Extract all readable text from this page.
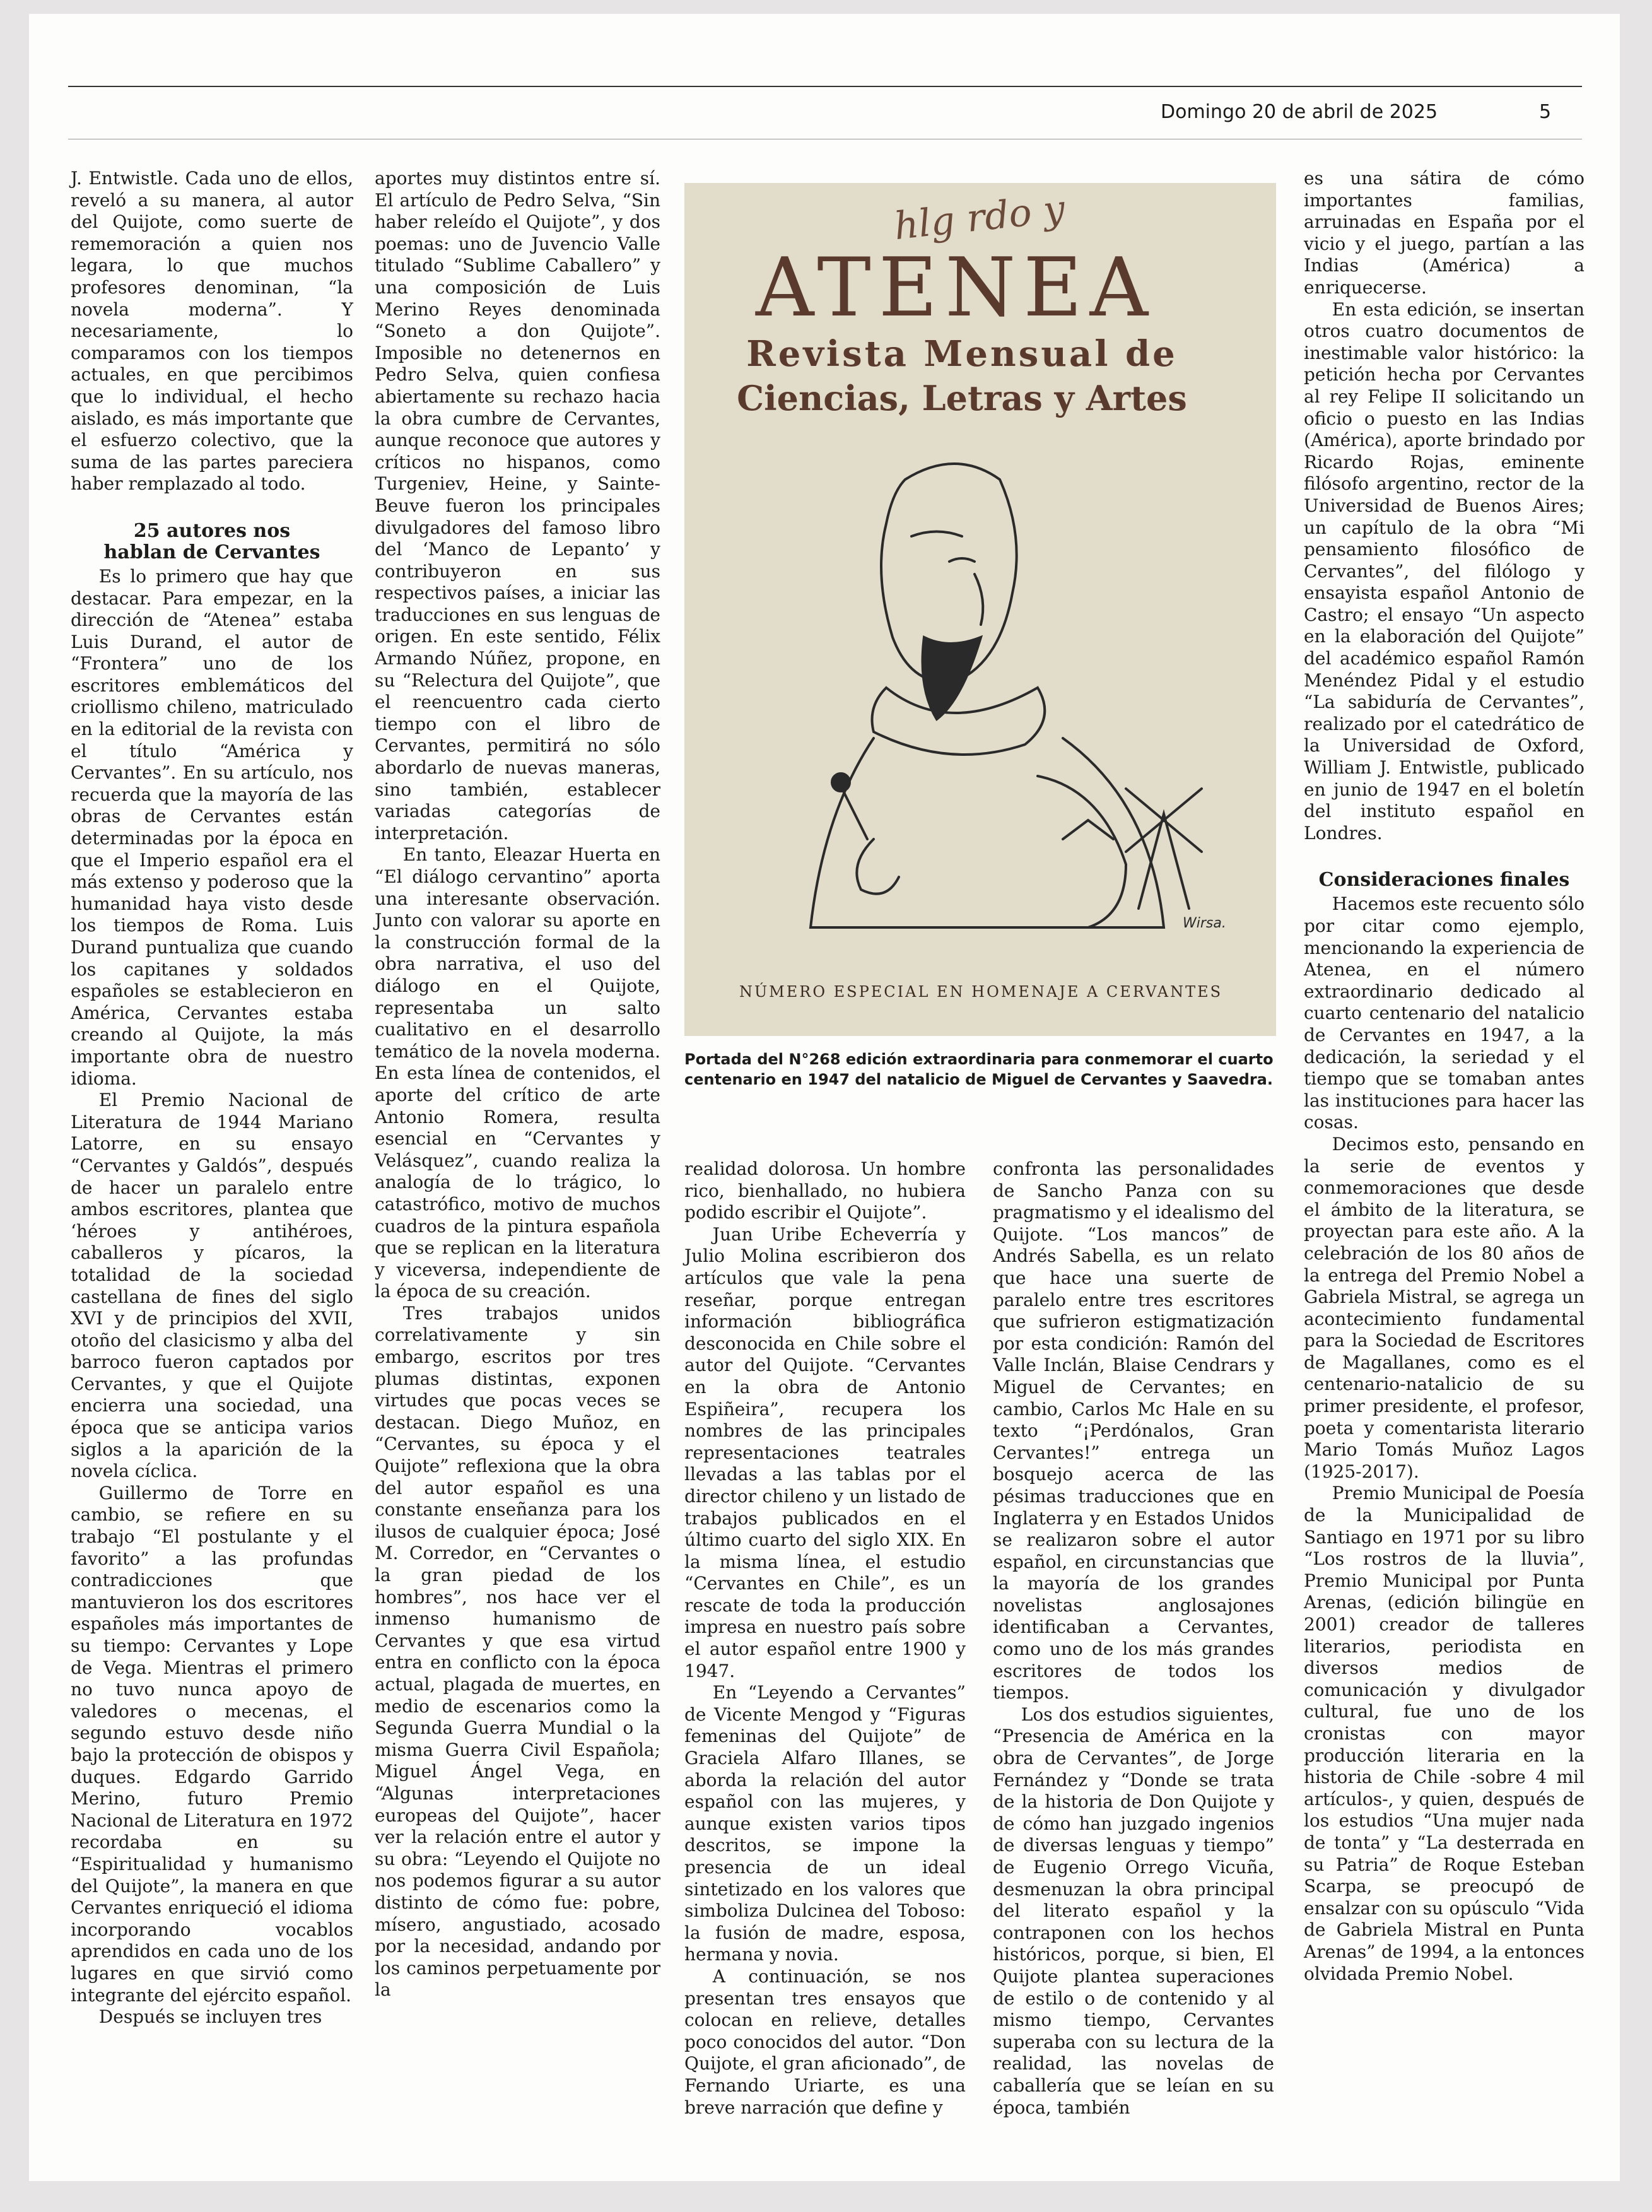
Domingo 20 de abril de 2025	5

J. Entwistle. Cada uno de ellos, reveló a su manera, al autor del Quijote, como suerte de rememoración a quien nos legara, lo que muchos profesores denominan, “la novela moderna”. Y necesariamente, lo comparamos con los tiempos actuales, en que percibimos que lo individual, el hecho aislado, es más importante que el esfuerzo colectivo, que la suma de las partes pareciera haber remplazado al todo.

25 autores nos
hablan de Cervantes

Es lo primero que hay que destacar. Para empezar, en la dirección de “Atenea” estaba Luis Durand, el autor de “Frontera” uno de los escritores emblemáticos del criollismo chileno, matriculado en la editorial de la revista con el título “América y Cervantes”. En su artículo, nos recuerda que la mayoría de las obras de Cervantes están determinadas por la época en que el Imperio español era el más extenso y poderoso que la humanidad haya visto desde los tiempos de Roma. Luis Durand puntualiza que cuando los capitanes y soldados españoles se establecieron en América, Cervantes estaba creando al Quijote, la más importante obra de nuestro idioma.

El Premio Nacional de Literatura de 1944 Mariano Latorre, en su ensayo “Cervantes y Galdós”, después de hacer un paralelo entre ambos escritores, plantea que ‘héroes y antihéroes, caballeros y pícaros, la totalidad de la sociedad castellana de fines del siglo XVI y de principios del XVII, otoño del clasicismo y alba del barroco fueron captados por Cervantes, y que el Quijote encierra una sociedad, una época que se anticipa varios siglos a la aparición de la novela cíclica.

Guillermo de Torre en cambio, se refiere en su trabajo “El postulante y el favorito” a las profundas contradicciones que mantuvieron los dos escritores españoles más importantes de su tiempo: Cervantes y Lope de Vega. Mientras el primero no tuvo nunca apoyo de valedores o mecenas, el segundo estuvo desde niño bajo la protección de obispos y duques. Edgardo Garrido Merino, futuro Premio Nacional de Literatura en 1972 recordaba en su “Espiritualidad y humanismo del Quijote”, la manera en que Cervantes enriqueció el idioma incorporando vocablos aprendidos en cada uno de los lugares en que sirvió como integrante del ejército español.

Después se incluyen tres

aportes muy distintos entre sí. El artículo de Pedro Selva, “Sin haber releído el Quijote”, y dos poemas: uno de Juvencio Valle titulado “Sublime Caballero” y una composición de Luis Merino Reyes denominada “Soneto a don Quijote”. Imposible no detenernos en Pedro Selva, quien confiesa abiertamente su rechazo hacia la obra cumbre de Cervantes, aunque reconoce que autores y críticos no hispanos, como Turgeniev, Heine, y Sainte-Beuve fueron los principales divulgadores del famoso libro del ‘Manco de Lepanto’ y contribuyeron en sus respectivos países, a iniciar las traducciones en sus lenguas de origen. En este sentido, Félix Armando Núñez, propone, en su “Relectura del Quijote”, que el reencuentro cada cierto tiempo con el libro de Cervantes, permitirá no sólo abordarlo de nuevas maneras, sino también, establecer variadas categorías de interpretación.

En tanto, Eleazar Huerta en “El diálogo cervantino” aporta una interesante observación. Junto con valorar su aporte en la construcción formal de la obra narrativa, el uso del diálogo en el Quijote, representaba un salto cualitativo en el desarrollo temático de la novela moderna. En esta línea de contenidos, el aporte del crítico de arte Antonio Romera, resulta esencial en “Cervantes y Velásquez”, cuando realiza la analogía de lo trágico, lo catastrófico, motivo de muchos cuadros de la pintura española que se replican en la literatura y viceversa, independiente de la época de su creación.

Tres trabajos unidos correlativamente y sin embargo, escritos por tres plumas distintas, exponen virtudes que pocas veces se destacan. Diego Muñoz, en “Cervantes, su época y el Quijote” reflexiona que la obra del autor español es una constante enseñanza para los ilusos de cualquier época; José M. Corredor, en “Cervantes o la gran piedad de los hombres”, nos hace ver el inmenso humanismo de Cervantes y que esa virtud entra en conflicto con la época actual, plagada de muertes, en medio de escenarios como la Segunda Guerra Mundial o la misma Guerra Civil Española; Miguel Ángel Vega, en “Algunas interpretaciones europeas del Quijote”, hacer ver la relación entre el autor y su obra: “Leyendo el Quijote no nos podemos figurar a su autor distinto de cómo fue: pobre, mísero, angustiado, acosado por la necesidad, andando por los caminos perpetuamente por la

hlg rdo y
ATENEA
Revista Mensual de
Ciencias, Letras y Artes
Wirsa.
NÚMERO ESPECIAL EN HOMENAJE A CERVANTES
Portada del N°268 edición extraordinaria para conmemorar el cuarto centenario en 1947 del natalicio de Miguel de Cervantes y Saavedra.

realidad dolorosa. Un hombre rico, bienhallado, no hubiera podido escribir el Quijote”.

Juan Uribe Echeverría y Julio Molina escribieron dos artículos que vale la pena reseñar, porque entregan información bibliográfica desconocida en Chile sobre el autor del Quijote. “Cervantes en la obra de Antonio Espiñeira”, recupera los nombres de las principales representaciones teatrales llevadas a las tablas por el director chileno y un listado de trabajos publicados en el último cuarto del siglo XIX. En la misma línea, el estudio “Cervantes en Chile”, es un rescate de toda la producción impresa en nuestro país sobre el autor español entre 1900 y 1947.

En “Leyendo a Cervantes” de Vicente Mengod y “Figuras femeninas del Quijote” de Graciela Alfaro Illanes, se aborda la relación del autor español con las mujeres, y aunque existen varios tipos descritos, se impone la presencia de un ideal sintetizado en los valores que simboliza Dulcinea del Toboso: la fusión de madre, esposa, hermana y novia.

A continuación, se nos presentan tres ensayos que colocan en relieve, detalles poco conocidos del autor. “Don Quijote, el gran aficionado”, de Fernando Uriarte, es una breve narración que define y

confronta las personalidades de Sancho Panza con su pragmatismo y el idealismo del Quijote. “Los mancos” de Andrés Sabella, es un relato que hace una suerte de paralelo entre tres escritores que sufrieron estigmatización por esta condición: Ramón del Valle Inclán, Blaise Cendrars y Miguel de Cervantes; en cambio, Carlos Mc Hale en su texto “¡Perdónalos, Gran Cervantes!” entrega un bosquejo acerca de las pésimas traducciones que en Inglaterra y en Estados Unidos se realizaron sobre el autor español, en circunstancias que la mayoría de los grandes novelistas anglosajones identificaban a Cervantes, como uno de los más grandes escritores de todos los tiempos.

Los dos estudios siguientes, “Presencia de América en la obra de Cervantes”, de Jorge Fernández y “Donde se trata de la historia de Don Quijote y de cómo han juzgado ingenios de diversas lenguas y tiempo” de Eugenio Orrego Vicuña, desmenuzan la obra principal del literato español y la contraponen con los hechos históricos, porque, si bien, El Quijote plantea superaciones de estilo o de contenido y al mismo tiempo, Cervantes superaba con su lectura de la realidad, las novelas de caballería que se leían en su época, también

es una sátira de cómo importantes familias, arruinadas en España por el vicio y el juego, partían a las Indias (América) a enriquecerse.

En esta edición, se insertan otros cuatro documentos de inestimable valor histórico: la petición hecha por Cervantes al rey Felipe II solicitando un oficio o puesto en las Indias (América), aporte brindado por Ricardo Rojas, eminente filósofo argentino, rector de la Universidad de Buenos Aires; un capítulo de la obra “Mi pensamiento filosófico de Cervantes”, del filólogo y ensayista español Antonio de Castro; el ensayo “Un aspecto en la elaboración del Quijote” del académico español Ramón Menéndez Pidal y el estudio “La sabiduría de Cervantes”, realizado por el catedrático de la Universidad de Oxford, William J. Entwistle, publicado en junio de 1947 en el boletín del instituto español en Londres.

Consideraciones finales

Hacemos este recuento sólo por citar como ejemplo, mencionando la experiencia de Atenea, en el número extraordinario dedicado al cuarto centenario del natalicio de Cervantes en 1947, a la dedicación, la seriedad y el tiempo que se tomaban antes las instituciones para hacer las cosas.

Decimos esto, pensando en la serie de eventos y conmemoraciones que desde el ámbito de la literatura, se proyectan para este año. A la celebración de los 80 años de la entrega del Premio Nobel a Gabriela Mistral, se agrega un acontecimiento fundamental para la Sociedad de Escritores de Magallanes, como es el centenario-natalicio de su primer presidente, el profesor, poeta y comentarista literario Mario Tomás Muñoz Lagos (1925-2017).

Premio Municipal de Poesía de la Municipalidad de Santiago en 1971 por su libro “Los rostros de la lluvia”, Premio Municipal por Punta Arenas, (edición bilingüe en 2001) creador de talleres literarios, periodista en diversos medios de comunicación y divulgador cultural, fue uno de los cronistas con mayor producción literaria en la historia de Chile -sobre 4 mil artículos-, y quien, después de los estudios “Una mujer nada de tonta” y “La desterrada en su Patria” de Roque Esteban Scarpa, se preocupó de ensalzar con su opúsculo “Vida de Gabriela Mistral en Punta Arenas” de 1994, a la entonces olvidada Premio Nobel.
